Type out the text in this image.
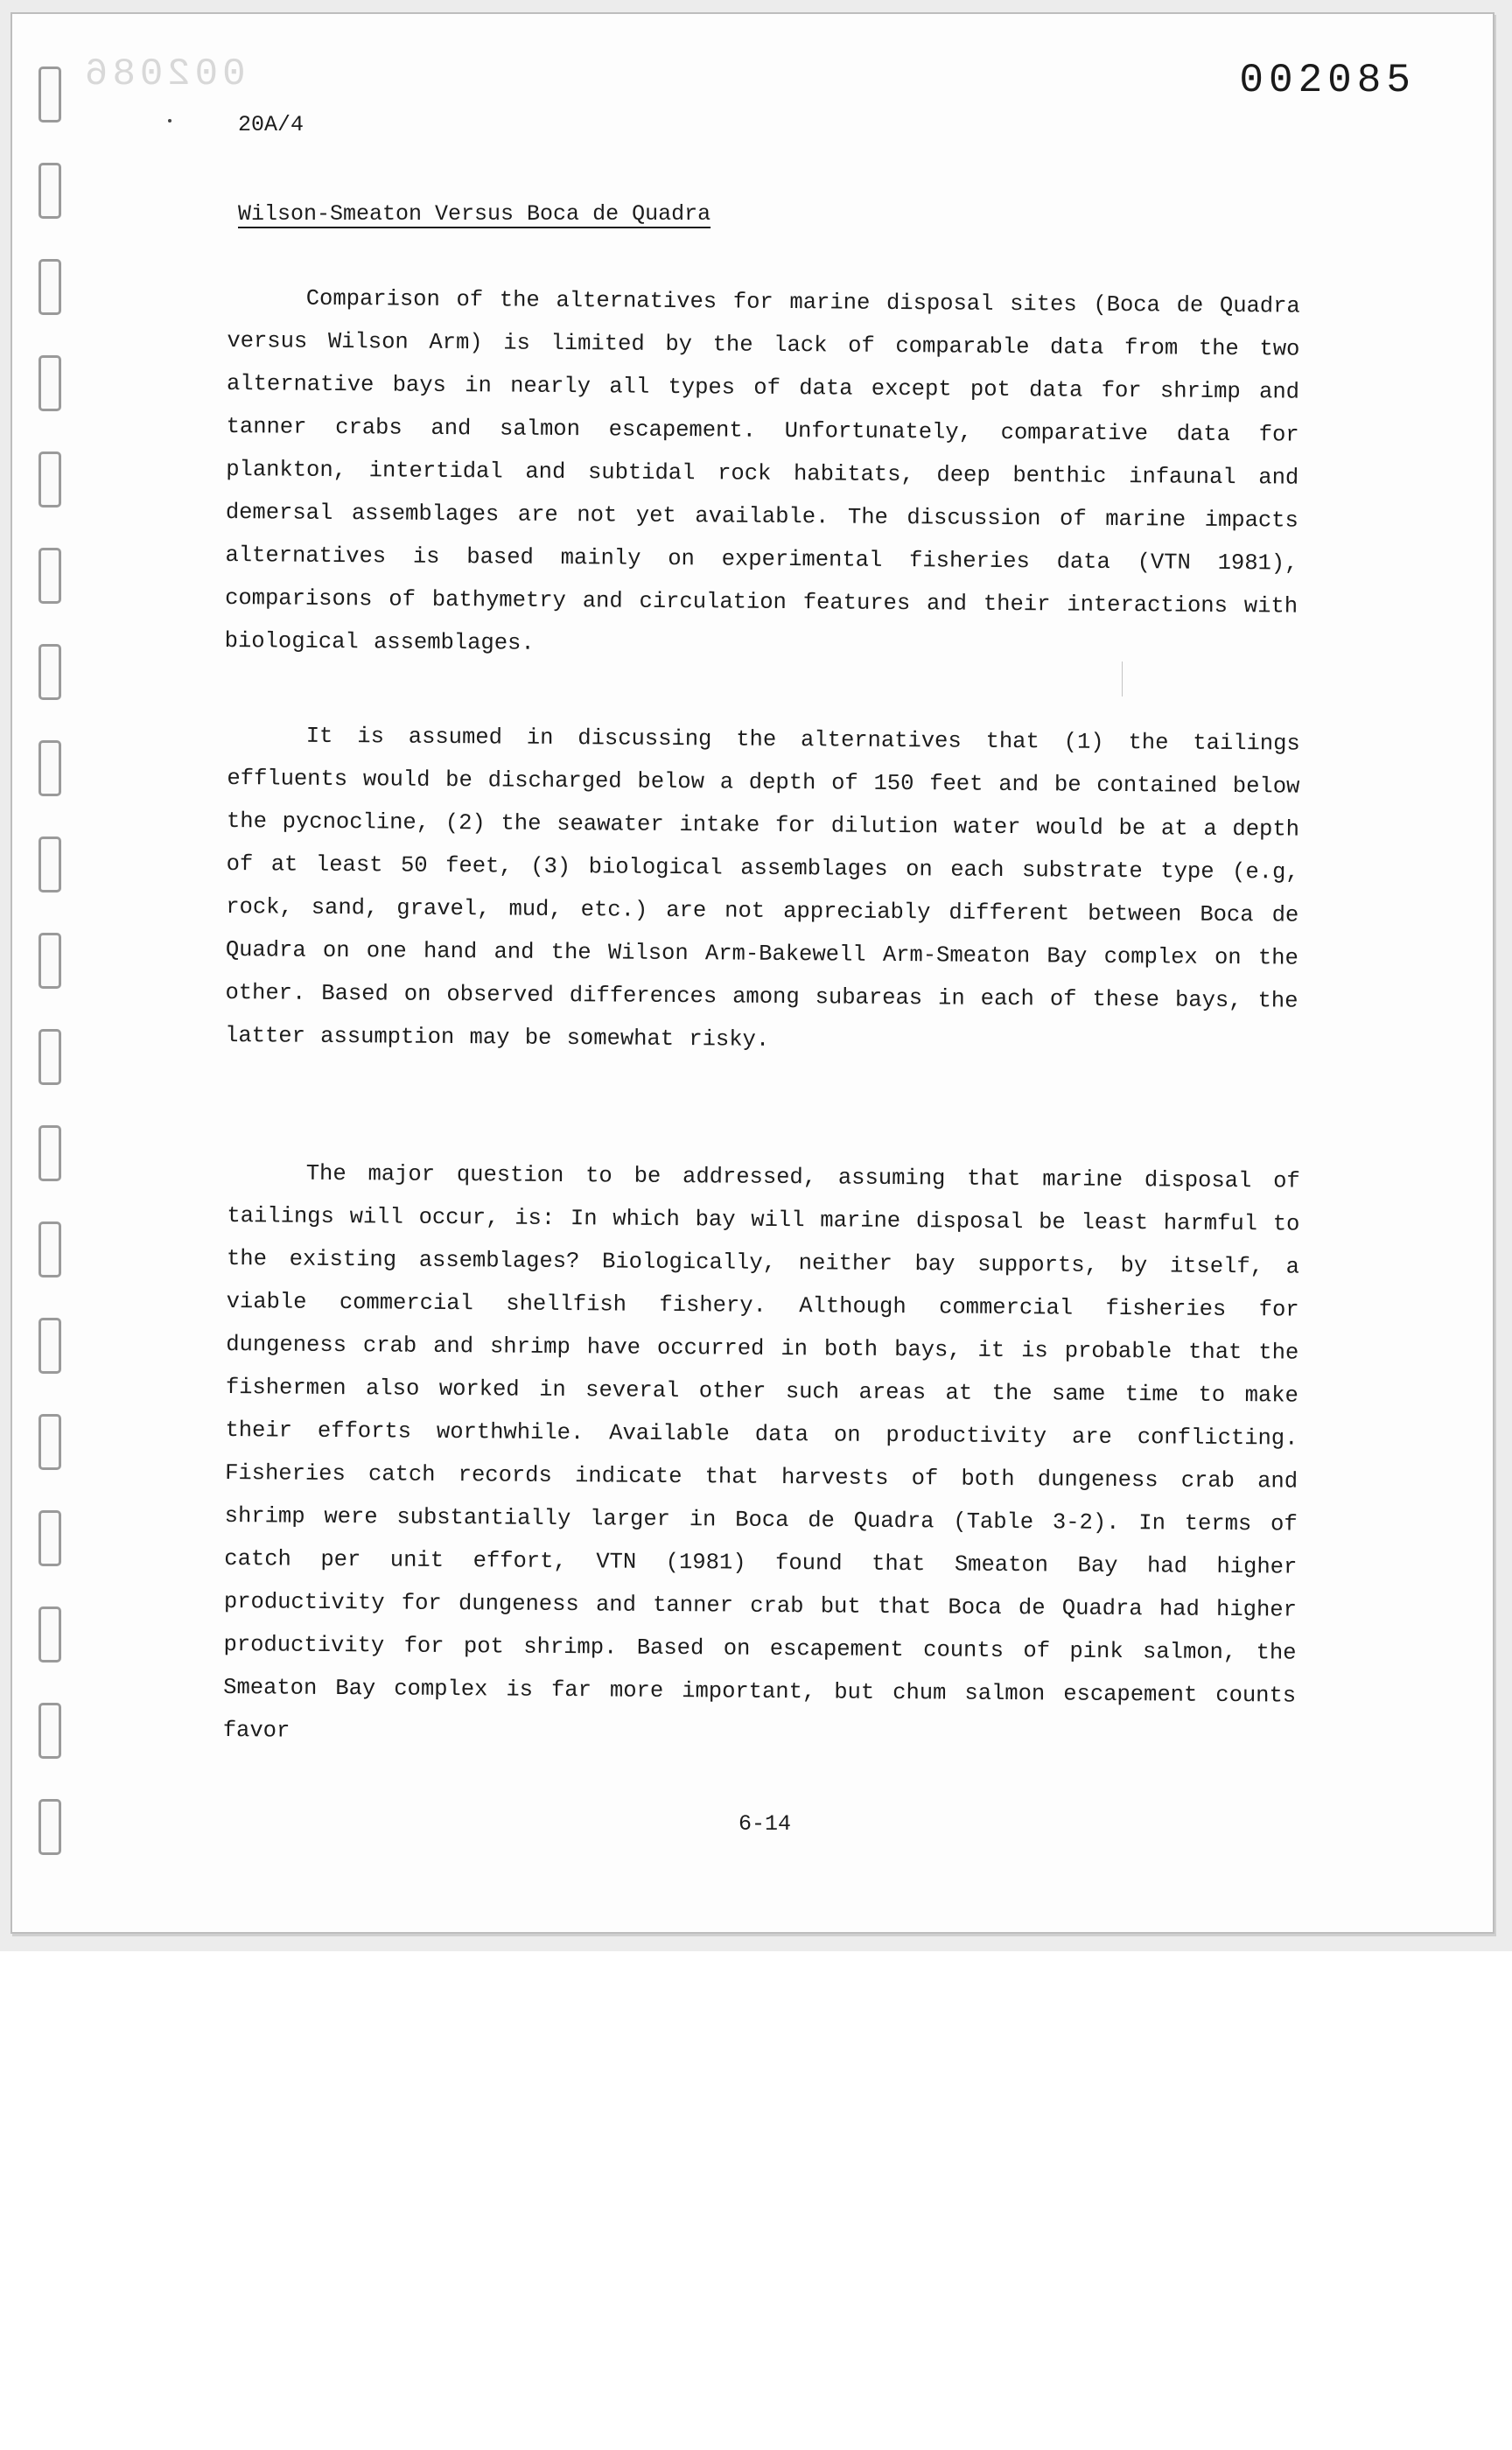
002086	002085
20A/4
Wilson-Smeaton Versus Boca de Quadra

Comparison of the alternatives for marine disposal sites (Boca de Quadra versus Wilson Arm) is limited by the lack of comparable data from the two alternative bays in nearly all types of data except pot data for shrimp and tanner crabs and salmon escapement. Unfortunately, comparative data for plankton, intertidal and subtidal rock habitats, deep benthic infaunal and demersal assemblages are not yet available. The discussion of marine impacts alternatives is based mainly on experimental fisheries data (VTN 1981), comparisons of bathymetry and circulation features and their interactions with biological assemblages.

It is assumed in discussing the alternatives that (1) the tailings effluents would be discharged below a depth of 150 feet and be contained below the pycnocline, (2) the seawater intake for dilution water would be at a depth of at least 50 feet, (3) biological assemblages on each substrate type (e.g, rock, sand, gravel, mud, etc.) are not appreciably different between Boca de Quadra on one hand and the Wilson Arm-Bakewell Arm-Smeaton Bay complex on the other. Based on observed differences among subareas in each of these bays, the latter assumption may be somewhat risky.

The major question to be addressed, assuming that marine disposal of tailings will occur, is: In which bay will marine disposal be least harmful to the existing assemblages? Biologically, neither bay supports, by itself, a viable commercial shellfish fishery. Although commercial fisheries for dungeness crab and shrimp have occurred in both bays, it is probable that the fishermen also worked in several other such areas at the same time to make their efforts worthwhile. Available data on productivity are conflicting. Fisheries catch records indicate that harvests of both dungeness crab and shrimp were substantially larger in Boca de Quadra (Table 3-2). In terms of catch per unit effort, VTN (1981) found that Smeaton Bay had higher productivity for dungeness and tanner crab but that Boca de Quadra had higher productivity for pot shrimp. Based on escapement counts of pink salmon, the Smeaton Bay complex is far more important, but chum salmon escapement counts favor

6-14
